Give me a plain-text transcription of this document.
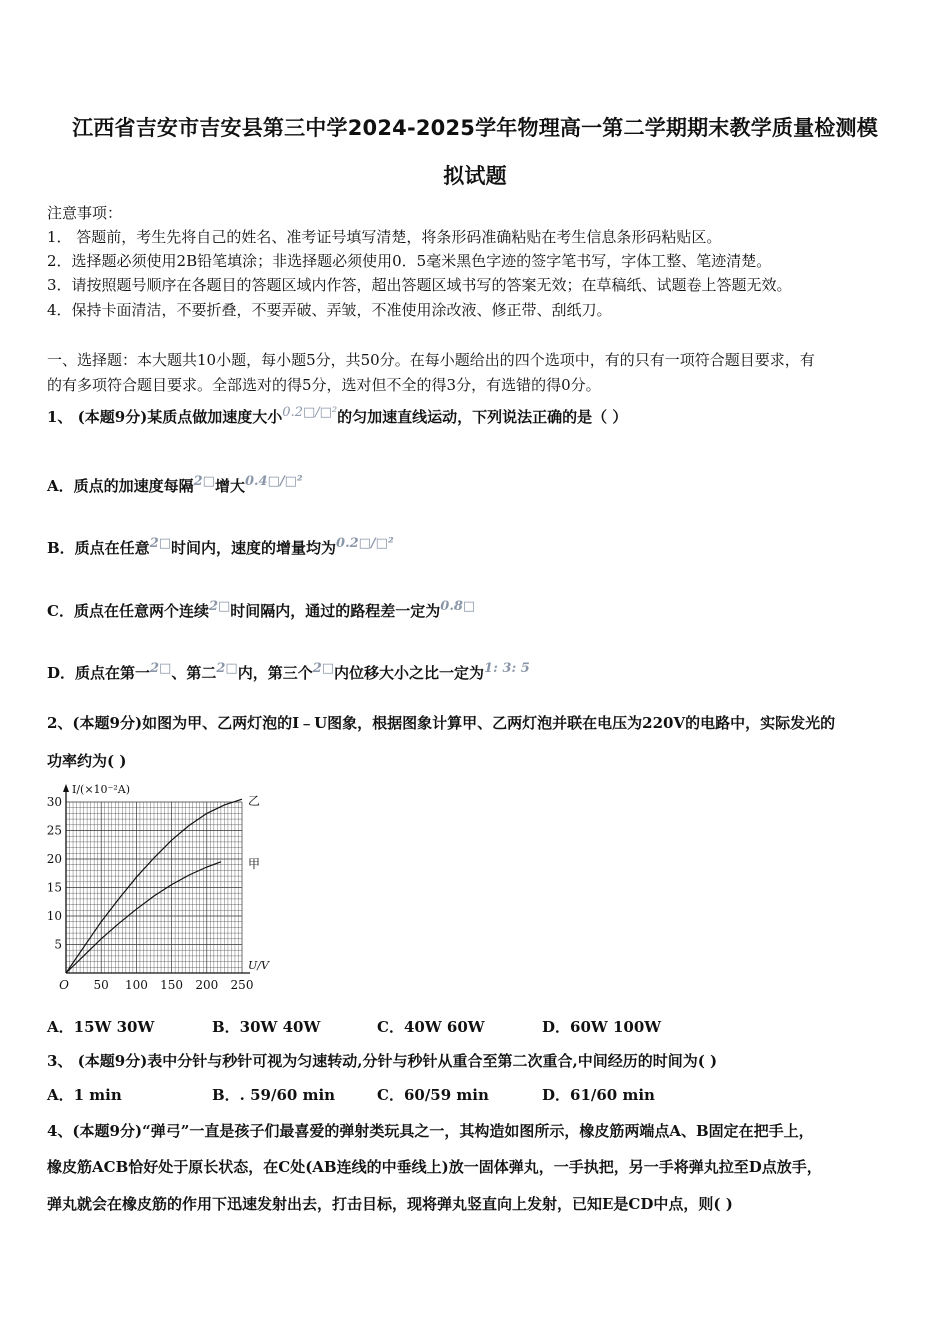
江西省吉安市吉安县第三中学2024-2025学年物理高一第二学期期末教学质量检测模
拟试题
注意事项：
1． 答题前，考生先将自己的姓名、准考证号填写清楚，将条形码准确粘贴在考生信息条形码粘贴区。
2．选择题必须使用2B铅笔填涂；非选择题必须使用0．5毫米黑色字迹的签字笔书写，字体工整、笔迹清楚。
3．请按照题号顺序在各题目的答题区域内作答，超出答题区域书写的答案无效；在草稿纸、试题卷上答题无效。
4．保持卡面清洁，不要折叠，不要弄破、弄皱，不准使用涂改液、修正带、刮纸刀。
一、选择题：本大题共10小题，每小题5分，共50分。在每小题给出的四个选项中，有的只有一项符合题目要求，有
的有多项符合题目要求。全部选对的得5分，选对但不全的得3分，有选错的得0分。
1、 (本题9分)某质点做加速度大小0.2□/□²的匀加速直线运动，下列说法正确的是（ ）
A．质点的加速度每隔2□增大0.4□/□²
B．质点在任意2□时间内，速度的增量均为0.2□/□²
C．质点在任意两个连续2□时间隔内，通过的路程差一定为0.8□
D．质点在第一2□、第二2□内，第三个2□内位移大小之比一定为1: 3: 5
2、(本题9分)如图为甲、乙两灯泡的I﹣U图象，根据图象计算甲、乙两灯泡并联在电压为220V的电路中，实际发光的
功率约为( )
5
10
15
20
25
30
50 100 150 200 250
O
I/(×10⁻²A)
U/V
乙
甲
A．15W 30W	B．30W 40W	C．40W 60W	D．60W 100W
3、 (本题9分)表中分针与秒针可视为匀速转动,分针与秒针从重合至第二次重合,中间经历的时间为( )
A．1 min	B．. 59/60 min	C．60/59 min	D．61/60 min
4、(本题9分)“弹弓”一直是孩子们最喜爱的弹射类玩具之一，其构造如图所示，橡皮筋两端点A、B固定在把手上，
橡皮筋ACB恰好处于原长状态，在C处(AB连线的中垂线上)放一固体弹丸，一手执把，另一手将弹丸拉至D点放手，
弹丸就会在橡皮筋的作用下迅速发射出去，打击目标，现将弹丸竖直向上发射，已知E是CD中点，则( )
